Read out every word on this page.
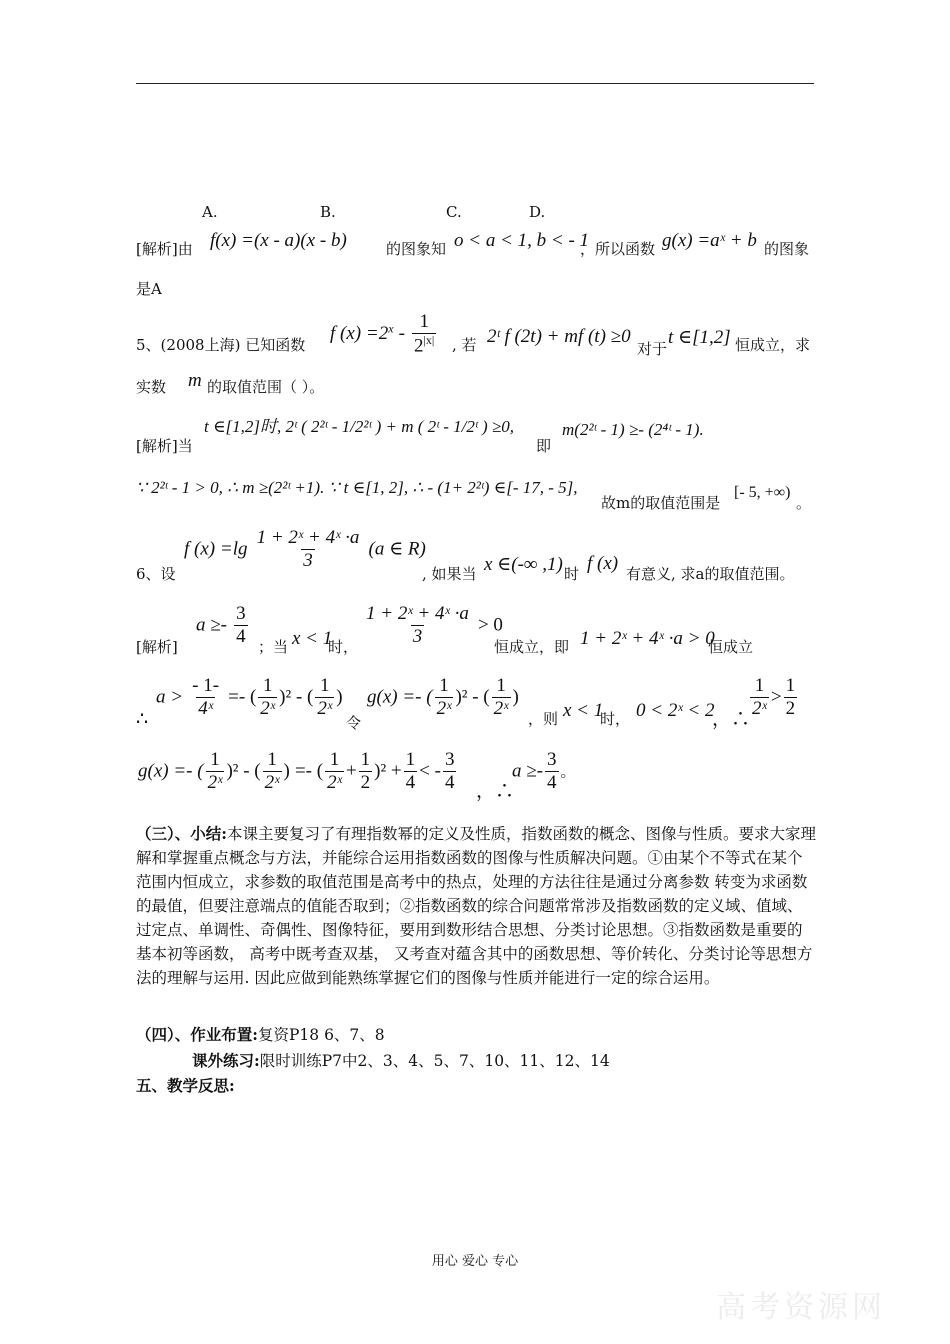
A.	B.	C.	D.
[解析]由 f(x) =(x - a)(x - b)	的图象知 o < a < 1, b < - 1
，所以函数 g(x) =aˣ + b 的图象
是A
5、(2008上海) 已知函数
f $(x) =2^x - \frac{1}{2^{|x|}}$ , 若 2ᵗ f (2t) + mf (t) ≥0
对于
t ∈[1,2] 恒成立，求
实数 m 的取值范围（ ）。
[解析]当
t ∈[1,2]时, 2ᵗ ( 2²ᵗ - 1/2²ᵗ ) + m ( 2ᵗ - 1/2ᵗ ) ≥0,
即
m(2²ᵗ - 1) ≥- (2⁴ᵗ - 1).
∵ 2²ᵗ - 1 > 0, ∴ m ≥(2²ᵗ +1). ∵ t ∈[1, 2], ∴ - (1+ 2²ᵗ) ∈[- 17, - 5],
故m的取值范围是
[- 5, +∞)
。
6、设
f $(x) =\lg \frac{\text{1 + 2ˣ + 4ˣ ·a}}{3} (a$ ∈ R)
, 如果当 x ∈(-∞ ,1) 时 f (x) 有意义, 求a的取值范围。
[解析]
$a \ge- \frac{3}{4}$ ；当 x < 1
时， $\frac{\text{1 + 2ˣ + 4ˣ ·a}}{3} > 0$
恒成立，即 1 + 2ˣ + 4ˣ ·a > 0
恒成立
∴
$a > \frac{- 1-}{\text{4ˣ}}$ =- ( $\frac{1}{\text{2ˣ}} )^2$ - ( $\frac{1}{\text{2ˣ}}$ )
令
g(x) =- ( $\frac{1}{\text{2ˣ}} )^2$ - ( $\frac{1}{\text{2ˣ}}$ )
，则 x < 1
时， 0 < 2ˣ < 2
，∴ $\frac{1}{\text{2ˣ}} > \frac{1}{2}$
g(x) =- ( $\frac{1}{\text{2ˣ}} )^2$ - ( $\frac{1}{\text{2ˣ}}$ ) =- ( $\frac{1}{\text{2ˣ}} + \frac{1}{2} )^2 + \frac{1}{4}$ < - $\frac{3}{4}$ ，∴
$a \ge- \frac{3}{4}$ 。

（三）、小结:本课主要复习了有理指数幂的定义及性质，指数函数的概念、图像与性质。要求大家理解和掌握重点概念与方法，并能综合运用指数函数的图像与性质解决问题。①由某个不等式在某个范围内恒成立，求参数的取值范围是高考中的热点，处理的方法往往是通过分离参数 转变为求函数的最值，但要注意端点的值能否取到；②指数函数的综合问题常常涉及指数函数的定义域、值域、过定点、单调性、奇偶性、图像特征，要用到数形结合思想、分类讨论思想。③指数函数是重要的基本初等函数， 高考中既考查双基， 又考查对蕴含其中的函数思想、等价转化、分类讨论等思想方法的理解与运用. 因此应做到能熟练掌握它们的图像与性质并能进行一定的综合运用。

（四）、作业布置:复资P18 6、7、8
课外练习:限时训练P7中2、3、4、5、7、10、11、12、14
五、教学反思:
用心 爱心 专心
高考资源网
